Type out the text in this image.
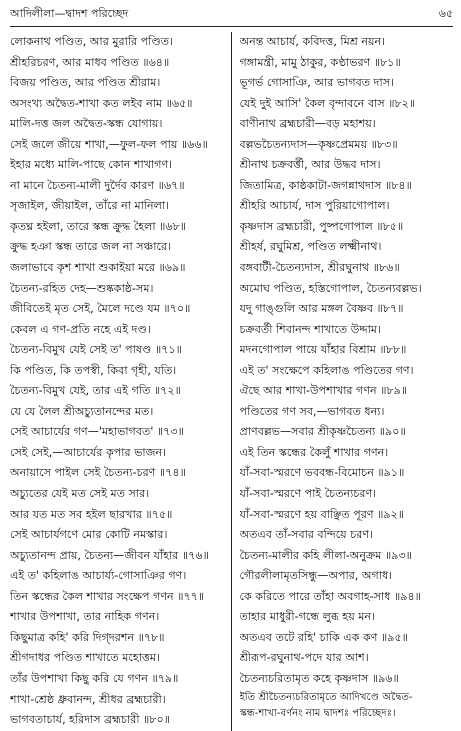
আদিলীলা—দ্বাদশ পরিচ্ছেদ	৬৫
লোকনাথ পণ্ডিত, আর মুরারি পণ্ডিত।
শ্রীহরিচরণ, আর মাধব পণ্ডিত ॥৬৪॥
বিজয় পণ্ডিত, আর পণ্ডিত শ্রীরাম।
অসংখ্য অদ্বৈত-শাখা কত লইব নাম ॥৬৫॥
মালি-দত্ত জল অদ্বৈত-স্কন্ধ যোগায়।
সেই জলে জীয়ে শাখা,—ফুল-ফল পায় ॥৬৬॥
ইহার মধ্যে মালি-পাছে কোন শাখাগণ।
না মানে চৈতন্য-মালী দুর্দৈব কারণ ॥৬৭॥
সৃজাইল, জীয়াইল, তাঁরে না মানিলা।
কৃতঘ্ন হইলা, তারে স্কন্ধ ক্রুদ্ধ হৈলা ॥৬৮॥
ক্রুদ্ধ হঞা স্কন্ধ তারে জল না সঞ্চারে।
জলাভাবে কৃশ শাখা শুকাইয়া মরে ॥৬৯॥
চৈতন্য-রহিত দেহ—শুষ্ককাষ্ঠ-সম।
জীবিতেই মৃত সেই, মৈলে দণ্ডে যম ॥৭০॥
কেবল এ গণ-প্রতি নহে এই দণ্ড।
চৈতন্য-বিমুখ যেই সেই ত' পাষণ্ড ॥৭১॥
কি পণ্ডিত, কি তপস্বী, কিবা গৃহী, যতি।
চৈতন্য-বিমুখ যেই, তার এই গতি ॥৭২॥
যে যে লৈল শ্রীঅচ্যুতানন্দের মত।
সেই আচার্যের গণ—'মহাভাগবত' ॥৭৩॥
সেই সেই,—আচার্যের কৃপার ভাজন।
অনায়াসে পাইল সেই চৈতন্য-চরণ ॥৭৪॥
অচ্যুতের যেই মত সেই মত সার।
আর যত মত সব হইল ছারখার ॥৭৫॥
সেই আচার্যগণে মোর কোটি নমস্কার।
অচ্যুতানন্দ প্রায়, চৈতন্য—জীবন যাঁহার ॥৭৬॥
এই ত' কহিলাঙ আচার্য্য-গোসাঞির গণ।
তিন স্কন্ধের কৈল শাখার সংক্ষেপ গণন ॥৭৭॥
শাখার উপশাখা, তার নাহিক গণন।
কিছুমাত্র কহি' করি দিগ্‌দরশন ॥৭৮॥
শ্রীগদাধর পণ্ডিত শাখাতে মহোত্তম।
তাঁর উপশাখা কিছু করি যে গণন ॥৭৯॥
শাখা-শ্রেষ্ঠ ধ্রুবানন্দ, শ্রীধর ব্রহ্মচারী।
ভাগবতাচার্য, হরিদাস ব্রহ্মচারী ॥৮০॥
অনন্ত আচার্য, কবিদত্ত, মিশ্র নয়ন।
গঙ্গামন্ত্রী, মামু ঠাকুর, কণ্ঠাভরণ ॥৮১॥
ভূগর্ভ গোসাঞি, আর ভাগবত দাস।
যেই দুই আসি' কৈল বৃন্দাবনে বাস ॥৮২॥
বাণীনাথ ব্রহ্মচারী—বড় মহাশয়।
বল্লভচৈতন্যদাস—কৃষ্ণপ্রেমময় ॥৮৩॥
শ্রীনাথ চক্রবর্ত্তী, আর উদ্ধব দাস।
জিতামিত্র, কাষ্ঠকাটা-জগন্নাথদাস ॥৮৪॥
শ্রীহরি আচার্য, দাস পুরিয়াগোপাল।
কৃষ্ণদাস ব্রহ্মচারী, পুষ্পগোপাল ॥৮৫॥
শ্রীহর্ষ, রঘুমিশ্র, পণ্ডিত লক্ষ্মীনাথ।
বঙ্গবাটী-চৈতন্যদাস, শ্রীরঘুনাথ ॥৮৬॥
অমোঘ পণ্ডিত, হস্তিগোপাল, চৈতন্যবল্লভ।
যদু গাঙ্গুলি আর মঙ্গল বৈষ্ণব ॥৮৭॥
চক্রবর্তী শিবানন্দ শাখাতে উদ্দাম।
মদনগোপাল পায়ে যাঁহার বিশ্রাম ॥৮৮॥
এই ত' সংক্ষেপে কহিলাঙ পণ্ডিতের গণ।
ঐছে আর শাখা-উপশাখার গণন ॥৮৯॥
পণ্ডিতের গণ সব,—ভাগবত ধন্য।
প্রাণবল্লভ—সবার শ্রীকৃষ্ণচৈতন্য ॥৯০॥
এই তিন স্কন্ধের কৈলুঁ শাখার গণন।
যাঁ-সবা-স্মরণে ভববন্ধ-বিমোচন ॥৯১॥
যাঁ-সবা-স্মরণে পাই চৈতন্যচরণ।
যাঁ-সবা-স্মরণে হয় বাঞ্ছিত পূরণ ॥৯২॥
অতএব তাঁ-সবার বন্দিয়ে চরণ।
চৈতন্য-মালীর কহি লীলা-অনুক্রম ॥৯৩॥
গৌরলীলামৃতসিন্ধু—অপার, অগাধ।
কে করিতে পারে তাঁহা অবগাহ-সাধ ॥৯৪॥
তাহার মাধুরী-গন্ধে লুব্ধ হয় মন।
অতএব তটে রহি' চাকি এক কণ ॥৯৫॥
শ্রীরূপ-রঘুনাথ-পদে যার আশ।
চৈতন্যচরিতামৃত কহে কৃষ্ণদাস ॥৯৬॥
ইতি শ্রীচৈতন্যচরিতামৃতে আদিখণ্ডে অদ্বৈত-
স্কন্ধ-শাখা-বর্ণনং নাম দ্বাদশঃ পরিচ্ছেদঃ।
